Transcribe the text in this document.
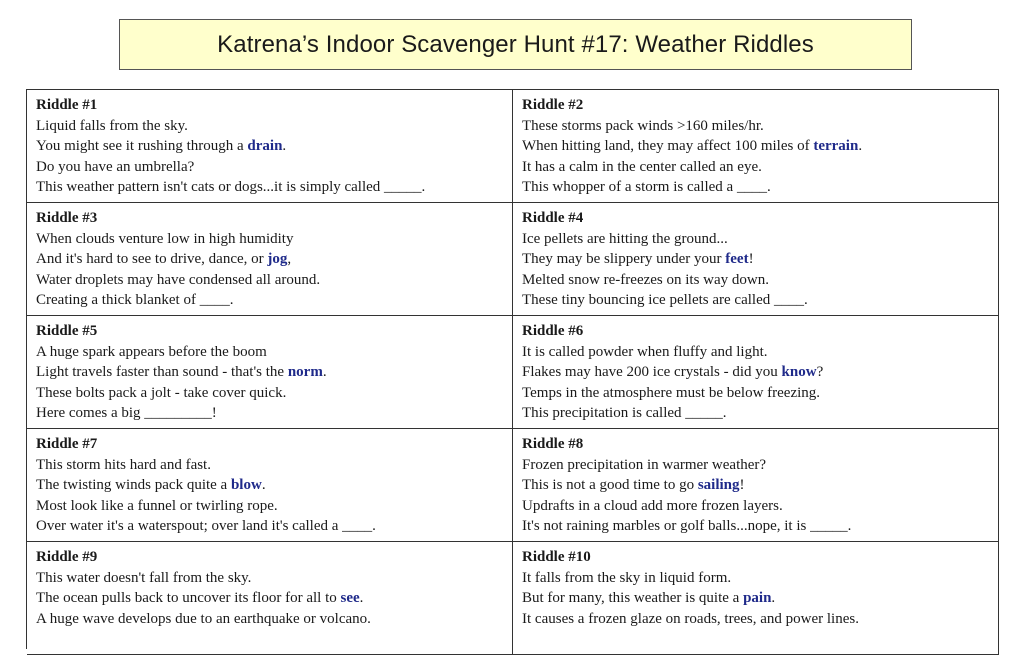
Katrena’s Indoor Scavenger Hunt #17: Weather Riddles
Riddle #1
Liquid falls from the sky.
You might see it rushing through a drain.
Do you have an umbrella?
This weather pattern isn't cats or dogs...it is simply called _____.
Riddle #2
These storms pack winds >160 miles/hr.
When hitting land, they may affect 100 miles of terrain.
It has a calm in the center called an eye.
This whopper of a storm is called a ____.
Riddle #3
When clouds venture low in high humidity
And it's hard to see to drive, dance, or jog,
Water droplets may have condensed all around.
Creating a thick blanket of ____.
Riddle #4
Ice pellets are hitting the ground...
They may be slippery under your feet!
Melted snow re-freezes on its way down.
These tiny bouncing ice pellets are called ____.
Riddle #5
A huge spark appears before the boom
Light travels faster than sound - that's the norm.
These bolts pack a jolt - take cover quick.
Here comes a big _________!
Riddle #6
It is called powder when fluffy and light.
Flakes may have 200 ice crystals - did you know?
Temps in the atmosphere must be below freezing.
This precipitation is called _____.
Riddle #7
This storm hits hard and fast.
The twisting winds pack quite a blow.
Most look like a funnel or twirling rope.
Over water it's a waterspout; over land it's called a ____.
Riddle #8
Frozen precipitation in warmer weather?
This is not a good time to go sailing!
Updrafts in a cloud add more frozen layers.
It's not raining marbles or golf balls...nope, it is _____.
Riddle #9
This water doesn't fall from the sky.
The ocean pulls back to uncover its floor for all to see.
A huge wave develops due to an earthquake or volcano.
Riddle #10
It falls from the sky in liquid form.
But for many, this weather is quite a pain.
It causes a frozen glaze on roads, trees, and power lines.
